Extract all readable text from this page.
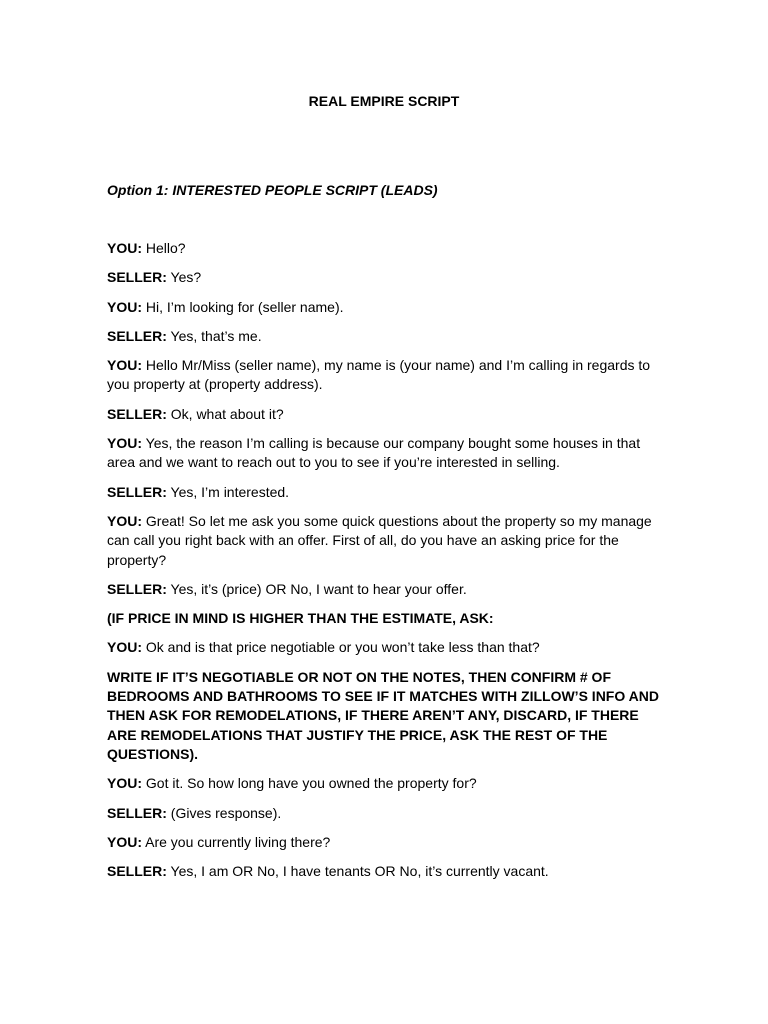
REAL EMPIRE SCRIPT
Option 1: INTERESTED PEOPLE SCRIPT (LEADS)

YOU: Hello?

SELLER: Yes?

YOU: Hi, I’m looking for (seller name).

SELLER: Yes, that’s me.

YOU: Hello Mr/Miss (seller name), my name is (your name) and I’m calling in regards to you property at (property address).

SELLER: Ok, what about it?

YOU: Yes, the reason I’m calling is because our company bought some houses in that area and we want to reach out to you to see if you’re interested in selling.

SELLER: Yes, I’m interested.

YOU: Great! So let me ask you some quick questions about the property so my manage can call you right back with an offer. First of all, do you have an asking price for the property?

SELLER: Yes, it’s (price) OR No, I want to hear your offer.

(IF PRICE IN MIND IS HIGHER THAN THE ESTIMATE, ASK:

YOU: Ok and is that price negotiable or you won’t take less than that?

WRITE IF IT’S NEGOTIABLE OR NOT ON THE NOTES, THEN CONFIRM # OF BEDROOMS AND BATHROOMS TO SEE IF IT MATCHES WITH ZILLOW’S INFO AND THEN ASK FOR REMODELATIONS, IF THERE AREN’T ANY, DISCARD, IF THERE ARE REMODELATIONS THAT JUSTIFY THE PRICE, ASK THE REST OF THE QUESTIONS).

YOU: Got it. So how long have you owned the property for?

SELLER: (Gives response).

YOU: Are you currently living there?

SELLER: Yes, I am OR No, I have tenants OR No, it’s currently vacant.
